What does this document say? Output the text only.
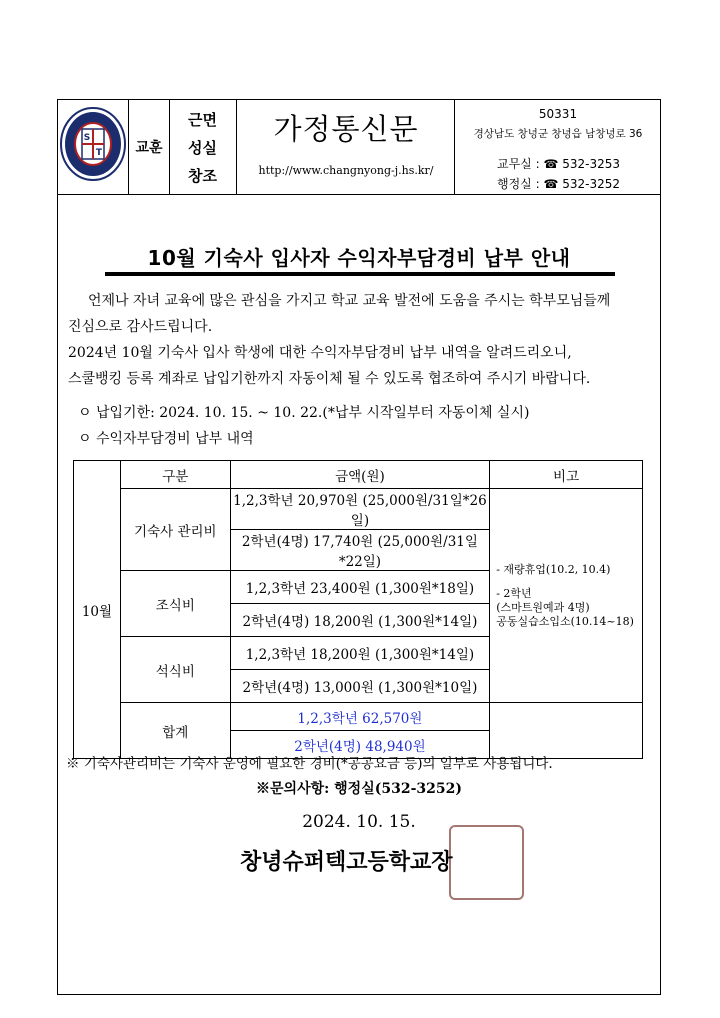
S
T	교훈
근면
성실
창조
가정통신문
http://www.changnyong-j.hs.kr/
50331
경상남도 창녕군 창녕읍 남창녕로 36
교무실 : ☎ 532-3253
행정실 : ☎ 532-3252
10월 기숙사 입사자 수익자부담경비 납부 안내
언제나 자녀 교육에 많은 관심을 가지고 학교 교육 발전에 도움을 주시는 학부모님들께
진심으로 감사드립니다.
2024년 10월 기숙사 입사 학생에 대한 수익자부담경비 납부 내역을 알려드리오니,
스쿨뱅킹 등록 계좌로 납입기한까지 자동이체 될 수 있도록 협조하여 주시기 바랍니다.
ㅇ 납입기한: 2024. 10. 15. ~ 10. 22.(*납부 시작일부터 자동이체 실시)
ㅇ 수익자부담경비 납부 내역
10월	구분	금액(원)	비고
	기숙사 관리비	1,2,3학년 20,970원 (25,000원/31일*26일)	- 재량휴업(10.2, 10.4)
- 2학년
(스마트원예과 4명)
공동실습소입소(10.14~18)

		2학년(4명) 17,740원 (25,000원/31일*22일)	
	조식비	1,2,3학년 23,400원 (1,300원*18일)	
		2학년(4명) 18,200원 (1,300원*14일)	
	석식비	1,2,3학년 18,200원 (1,300원*14일)	
		2학년(4명) 13,000원 (1,300원*10일)	
	합계	1,2,3학년 62,570원	
		2학년(4명) 48,940원	
※ 기숙사관리비는 기숙사 운영에 필요한 경비(*공공요금 등)의 일부로 사용됩니다.
※문의사항: 행정실(532-3252)
2024. 10. 15.
창녕슈퍼텍고등학교장
